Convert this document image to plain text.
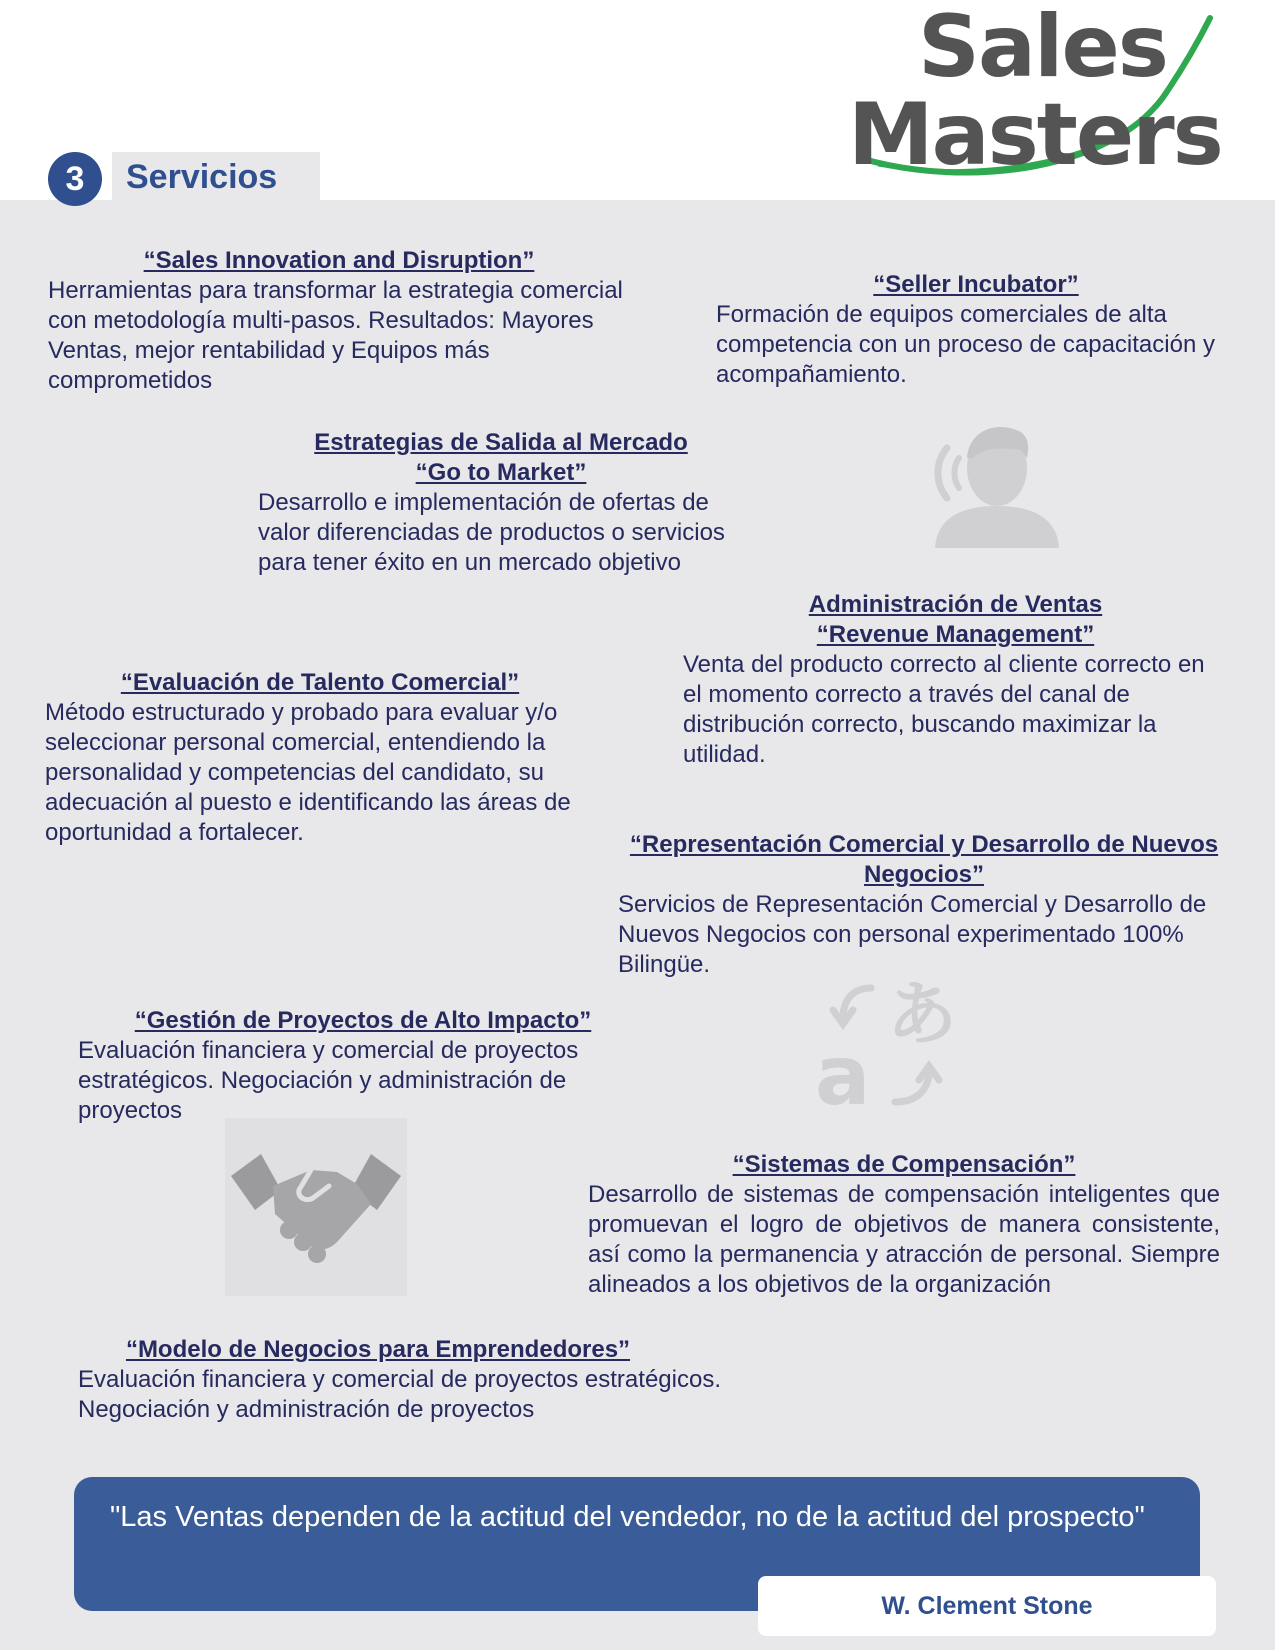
Sales
Masters
3	Servicios
“Sales Innovation and Disruption”
Herramientas para transformar la estrategia comercial con metodología multi-pasos. Resultados: Mayores Ventas, mejor rentabilidad y Equipos más comprometidos
“Seller Incubator”
Formación de equipos comerciales de alta competencia con un proceso de capacitación y acompañamiento.
Estrategias de Salida al Mercado
“Go to Market”
Desarrollo e implementación de ofertas de valor diferenciadas de productos o servicios para tener éxito en un mercado objetivo
Administración de Ventas
“Revenue Management”
Venta del producto correcto al cliente correcto en el momento correcto a través del canal de distribución correcto, buscando maximizar la utilidad.
“Evaluación de Talento Comercial”
Método estructurado y probado para evaluar y/o seleccionar personal comercial, entendiendo la personalidad y competencias del candidato, su adecuación al puesto e identificando las áreas de oportunidad a fortalecer.	“Representación Comercial y Desarrollo de Nuevos Negocios”
Servicios de Representación Comercial y Desarrollo de Nuevos Negocios con personal experimentado 100% Bilingüe.
あ
a
“Gestión de Proyectos de Alto Impacto”
Evaluación financiera y comercial de proyectos estratégicos. Negociación y administración de proyectos
“Sistemas de Compensación”
Desarrollo de sistemas de compensación inteligentes que promuevan el logro de objetivos de manera consistente, así como la permanencia y atracción de personal. Siempre alineados a los objetivos de la organización
“Modelo de Negocios para Emprendedores”
Evaluación financiera y comercial de proyectos estratégicos. Negociación y administración de proyectos
"Las Ventas dependen de la actitud del vendedor, no de la actitud del prospecto"
W. Clement Stone
